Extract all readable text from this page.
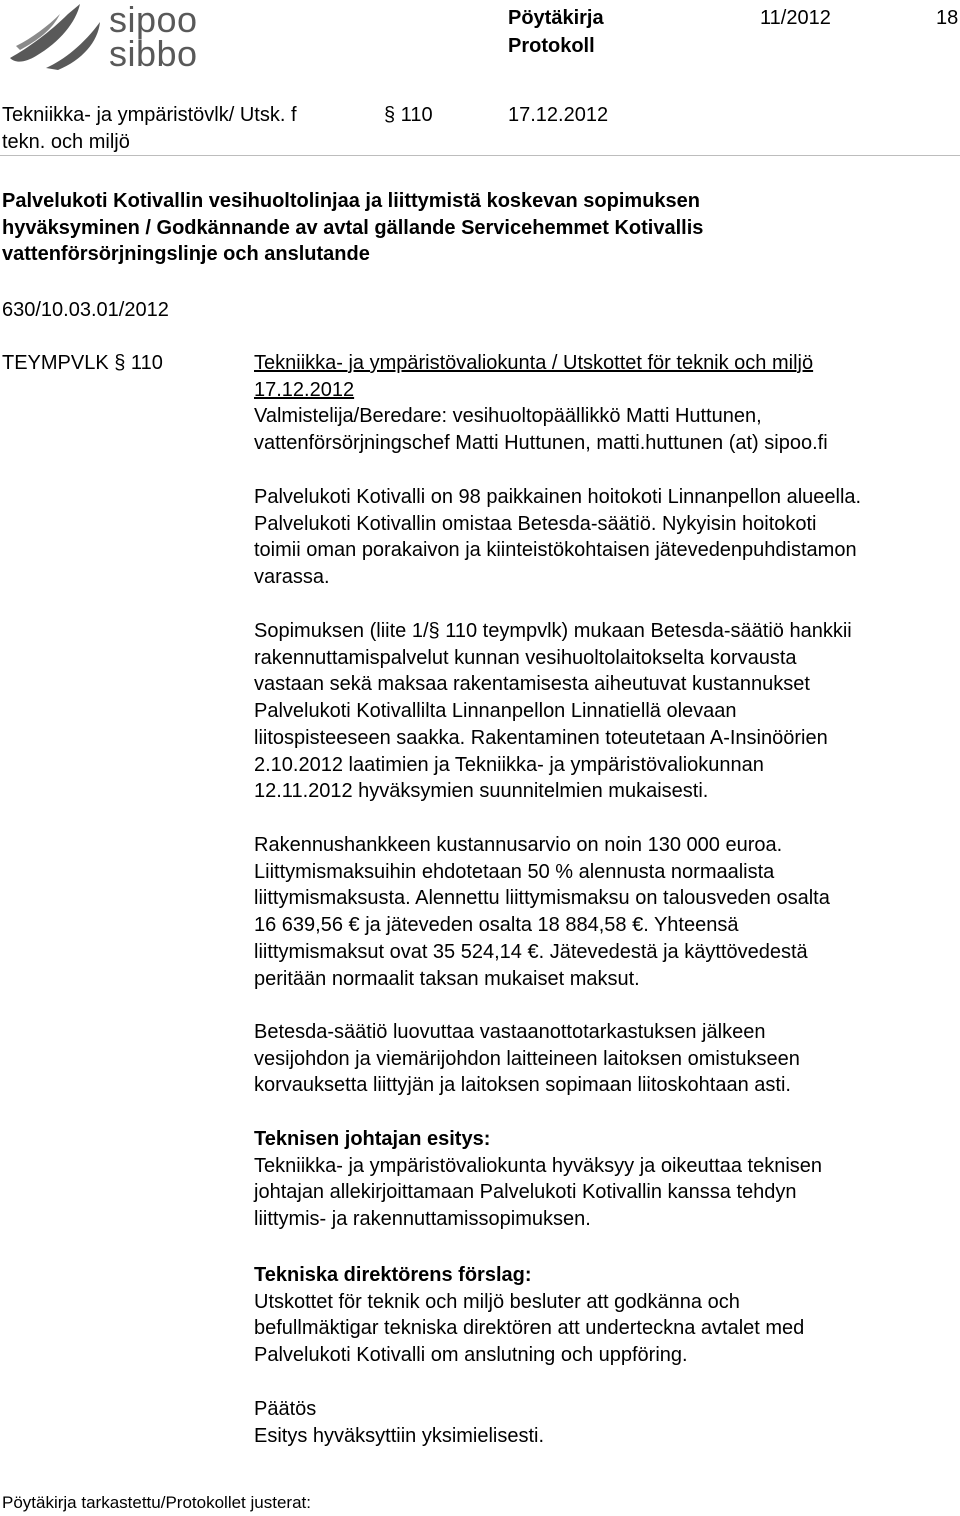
sipoo
sibbo
Pöytäkirja
Protokoll
11/2012	18
Tekniikka- ja ympäristövlk/ Utsk. f
tekn. och miljö
§ 110	17.12.2012
Palvelukoti Kotivallin vesihuoltolinjaa ja liittymistä koskevan sopimuksen
hyväksyminen / Godkännande av avtal gällande Servicehemmet Kotivallis
vattenförsörjningslinje och anslutande
630/10.03.01/2012
TEYMPVLK § 110	Tekniikka- ja ympäristövaliokunta / Utskottet för teknik och miljö
17.12.2012
Valmistelija/Beredare: vesihuoltopäällikkö Matti Huttunen,
vattenförsörjningschef Matti Huttunen, matti.huttunen (at) sipoo.fi
Palvelukoti Kotivalli on 98 paikkainen hoitokoti Linnanpellon alueella.
Palvelukoti Kotivallin omistaa Betesda-säätiö. Nykyisin hoitokoti
toimii oman porakaivon ja kiinteistökohtaisen jätevedenpuhdistamon
varassa.
Sopimuksen (liite 1/§ 110 teympvlk) mukaan Betesda-säätiö hankkii
rakennuttamispalvelut kunnan vesihuoltolaitokselta korvausta
vastaan sekä maksaa rakentamisesta aiheutuvat kustannukset
Palvelukoti Kotivallilta Linnanpellon Linnatiellä olevaan
liitospisteeseen saakka. Rakentaminen toteutetaan A-Insinöörien
2.10.2012 laatimien ja Tekniikka- ja ympäristövaliokunnan
12.11.2012 hyväksymien suunnitelmien mukaisesti.
Rakennushankkeen kustannusarvio on noin 130 000 euroa.
Liittymismaksuihin ehdotetaan 50 % alennusta normaalista
liittymismaksusta. Alennettu liittymismaksu on talousveden osalta
16 639,56 € ja jäteveden osalta 18 884,58 €. Yhteensä
liittymismaksut ovat 35 524,14 €. Jätevedestä ja käyttövedestä
peritään normaalit taksan mukaiset maksut.
Betesda-säätiö luovuttaa vastaanottotarkastuksen jälkeen
vesijohdon ja viemärijohdon laitteineen laitoksen omistukseen
korvauksetta liittyjän ja laitoksen sopimaan liitoskohtaan asti.
Teknisen johtajan esitys:
Tekniikka- ja ympäristövaliokunta hyväksyy ja oikeuttaa teknisen
johtajan allekirjoittamaan Palvelukoti Kotivallin kanssa tehdyn
liittymis- ja rakennuttamissopimuksen.
Tekniska direktörens förslag:
Utskottet för teknik och miljö besluter att godkänna och
befullmäktigar tekniska direktören att underteckna avtalet med
Palvelukoti Kotivalli om anslutning och uppföring.
Päätös
Esitys hyväksyttiin yksimielisesti.
Pöytäkirja tarkastettu/Protokollet justerat:
